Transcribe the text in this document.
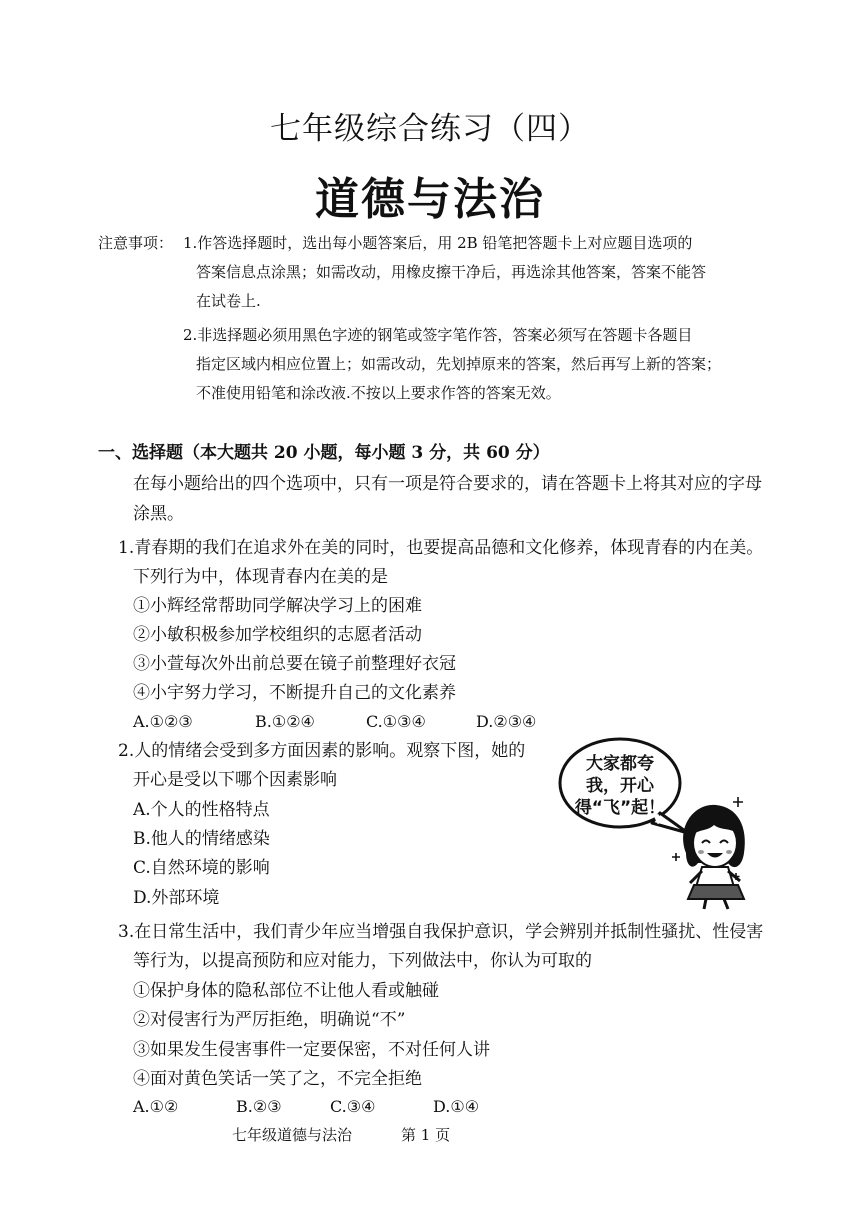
七年级综合练习（四）
道德与法治
注意事项： 1.作答选择题时，选出每小题答案后，用 2B 铅笔把答题卡上对应题目选项的
答案信息点涂黑；如需改动，用橡皮擦干净后，再选涂其他答案，答案不能答
在试卷上.
2.非选择题必须用黑色字迹的钢笔或签字笔作答，答案必须写在答题卡各题目
指定区域内相应位置上；如需改动，先划掉原来的答案，然后再写上新的答案；
不准使用铅笔和涂改液.不按以上要求作答的答案无效。
一、选择题（本大题共 20 小题，每小题 3 分，共 60 分）
在每小题给出的四个选项中，只有一项是符合要求的，请在答题卡上将其对应的字母
涂黑。
1.青春期的我们在追求外在美的同时，也要提高品德和文化修养，体现青春的内在美。
下列行为中，体现青春内在美的是
①小辉经常帮助同学解决学习上的困难
②小敏积极参加学校组织的志愿者活动
③小萱每次外出前总要在镜子前整理好衣冠
④小宇努力学习，不断提升自己的文化素养
A.①②③	B.①②④	C.①③④	D.②③④
2.人的情绪会受到多方面因素的影响。观察下图，她的
开心是受以下哪个因素影响
A.个人的性格特点
B.他人的情绪感染
C.自然环境的影响
D.外部环境
大家都夸
我，开心
得“飞”起！
3.在日常生活中，我们青少年应当增强自我保护意识，学会辨别并抵制性骚扰、性侵害
等行为，以提高预防和应对能力，下列做法中，你认为可取的
①保护身体的隐私部位不让他人看或触碰
②对侵害行为严厉拒绝，明确说“不”
③如果发生侵害事件一定要保密，不对任何人讲
④面对黄色笑话一笑了之，不完全拒绝
A.①②	B.②③	C.③④	D.①④
七年级道德与法治	第 1 页
